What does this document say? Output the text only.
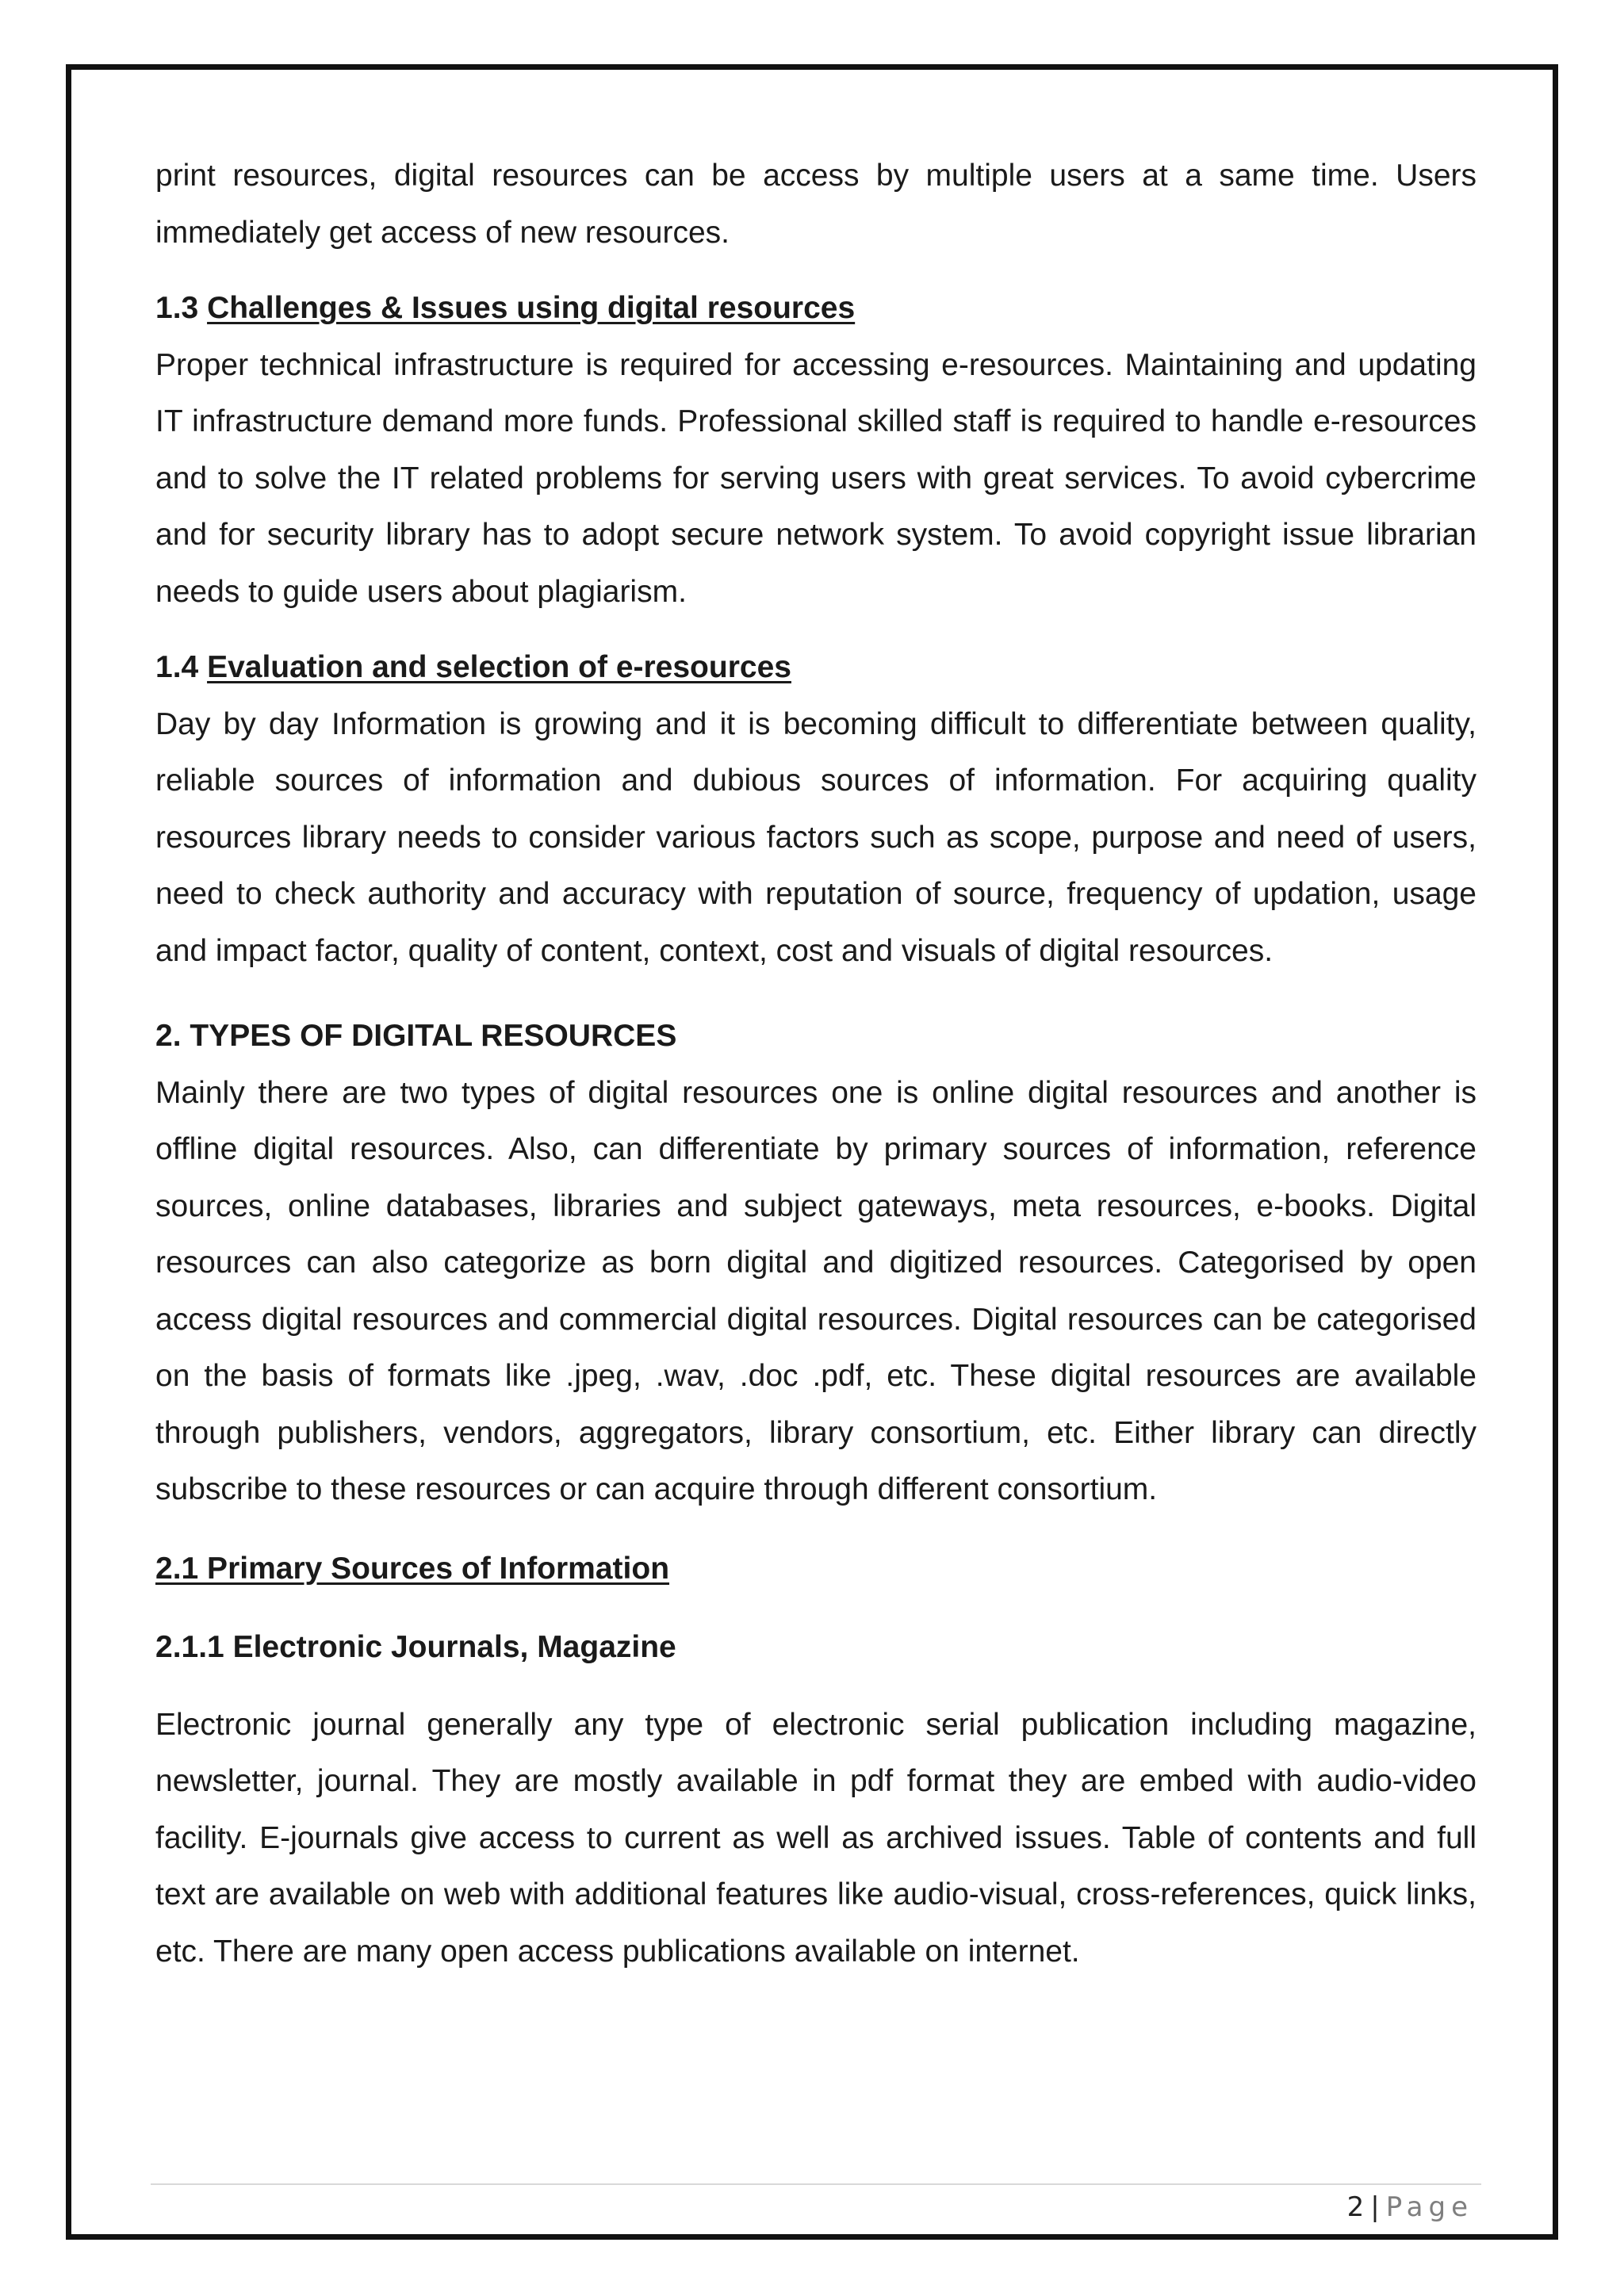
print resources, digital resources can be access by multiple users at a same time. Users immediately get access of new resources.

1.3 Challenges & Issues using digital resources

Proper technical infrastructure is required for accessing e-resources. Maintaining and updating IT infrastructure demand more funds. Professional skilled staff is required to handle e-resources and to solve the IT related problems for serving users with great services. To avoid cybercrime and for security library has to adopt secure network system. To avoid copyright issue librarian needs to guide users about plagiarism.

1.4 Evaluation and selection of e-resources

Day by day Information is growing and it is becoming difficult to differentiate between quality, reliable sources of information and dubious sources of information. For acquiring quality resources library needs to consider various factors such as scope, purpose and need of users, need to check authority and accuracy with reputation of source, frequency of updation, usage and impact factor, quality of content, context, cost and visuals of digital resources.

2. TYPES OF DIGITAL RESOURCES

Mainly there are two types of digital resources one is online digital resources and another is offline digital resources. Also, can differentiate by primary sources of information, reference sources, online databases, libraries and subject gateways, meta resources, e-books. Digital resources can also categorize as born digital and digitized resources. Categorised by open access digital resources and commercial digital resources. Digital resources can be categorised on the basis of formats like .jpeg, .wav, .doc .pdf, etc. These digital resources are available through publishers, vendors, aggregators, library consortium, etc. Either library can directly subscribe to these resources or can acquire through different consortium.

2.1 Primary Sources of Information
2.1.1 Electronic Journals, Magazine

Electronic journal generally any type of electronic serial publication including magazine, newsletter, journal. They are mostly available in pdf format they are embed with audio-video facility. E-journals give access to current as well as archived issues. Table of contents and full text are available on web with additional features like audio-visual, cross-references, quick links, etc. There are many open access publications available on internet.

2 | Page
